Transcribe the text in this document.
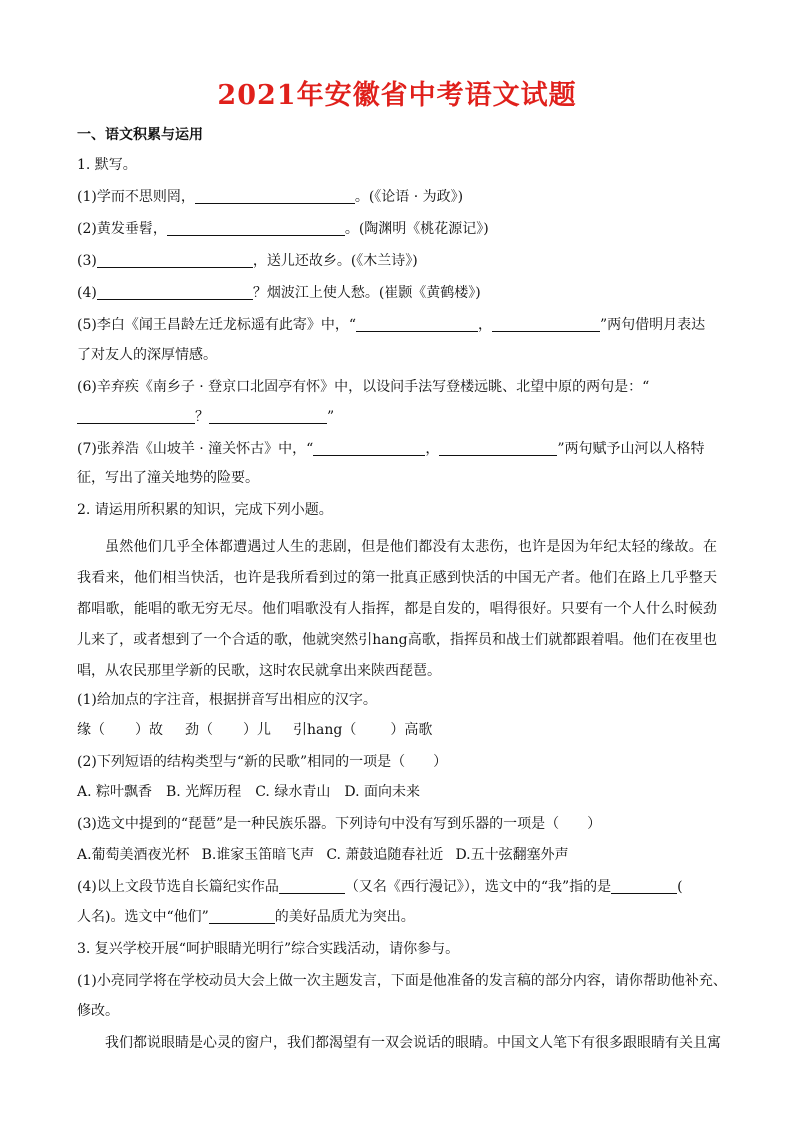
2021年安徽省中考语文试题
一、语文积累与运用
1. 默写。
(1)学而不思则罔，	。(《论语 · 为政》)
(2)黄发垂髫，	。(陶渊明《桃花源记》)
(3)	，送儿还故乡。(《木兰诗》)
(4)	？烟波江上使人愁。(崔颢《黄鹤楼》)
(5)李白《闻王昌龄左迁龙标遥有此寄》中，“	，	”两句借明月表达
了对友人的深厚情感。
(6)辛弃疾《南乡子 · 登京口北固亭有怀》中，以设问手法写登楼远眺、北望中原的两句是：“
？	”
(7)张养浩《山坡羊 · 潼关怀古》中，“	，	”两句赋予山河以人格特
征，写出了潼关地势的险要。
2. 请运用所积累的知识，完成下列小题。
虽然他们几乎全体都遭遇过人生的悲剧，但是他们都没有太悲伤，也许是因为年纪太轻的缘故。在我看来，他们相当快活，也许是我所看到过的第一批真正感到快活的中国无产者。他们在路上几乎整天都唱歌，能唱的歌无穷无尽。他们唱歌没有人指挥，都是自发的，唱得很好。只要有一个人什么时候劲儿来了，或者想到了一个合适的歌，他就突然引hang高歌，指挥员和战士们就都跟着唱。他们在夜里也唱，从农民那里学新的民歌，这时农民就拿出来陕西琵琶。
(1)给加点的字注音，根据拼音写出相应的汉字。
缘（ ）故 劲（ ）儿 引hang（ ）高歌
(2)下列短语的结构类型与“新的民歌”相同的一项是（　　）
A. 粽叶飘香 B. 光辉历程 C. 绿水青山 D. 面向未来
(3)选文中提到的“琵琶”是一种民族乐器。下列诗句中没有写到乐器的一项是（　　）
A.葡萄美酒夜光杯 B.谁家玉笛暗飞声 C. 萧鼓追随春社近 D.五十弦翻塞外声
(4)以上文段节选自长篇纪实作品	（又名《西行漫记》），选文中的“我”指的是	(
人名)。选文中“他们”	的美好品质尤为突出。
3. 复兴学校开展“呵护眼睛光明行”综合实践活动，请你参与。
(1)小亮同学将在学校动员大会上做一次主题发言，下面是他准备的发言稿的部分内容，请你帮助他补充、
修改。
我们都说眼睛是心灵的窗户，我们都渴望有一双会说话的眼睛。中国文人笔下有很多跟眼睛有关且寓
